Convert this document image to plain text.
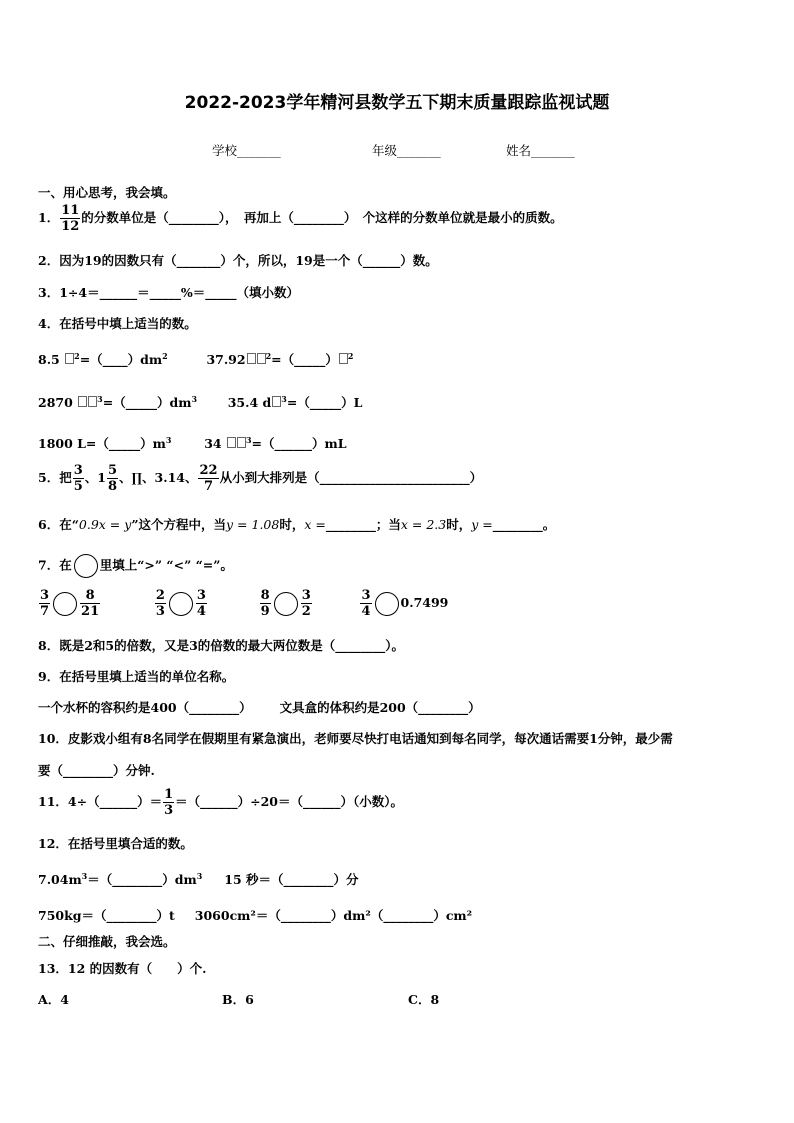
2022-2023学年精河县数学五下期末质量跟踪监视试题
学校_______	年级_______	姓名_______
一、用心思考，我会填。
1． $\frac{11}{12}$ 的分数单位是（________），　 再加上（________）　 个这样的分数单位就是最小的质数。
2．因为19的因数只有（_______）个，所以，19是一个（______）数。
3．1÷4＝______＝_____%＝_____（填小数）
4．在括号中填上适当的数。
8.5 $^2=(\_\_\_\_)dm^2$	37.92	$^2$=（_____） $^2$
2870	$^3=(\_\_\_\_\_)dm^3$ 35.4 d $^3$=（_____）L
1800 $L=(\_\_\_\_\_)m^3$	34	$^3$=（______）mL
5．把 $\frac{3}{5}$ 、$1 \frac{5}{8}$ 、∏、3.14、 $\frac{22}{7}$ 从小到大排列是（________________________）
6．在“0.9x = y”这个方程中，当y = 1.08时，x =________；当x = 2.3时，y =________。
7．在 里填上“>” “<” “=”。
$\frac{3}{7} \frac{8}{21}$
	$\frac{2}{3} \frac{3}{4}$
	$\frac{8}{9} \frac{3}{2}$
	$\frac{3}{4} 0.7499$
8．既是2和5的倍数，又是3的倍数的最大两位数是（________）。
9．在括号里填上适当的单位名称。
一个水杯的容积约是400（________） 文具盒的体积约是200（________）
10．皮影戏小组有8名同学在假期里有紧急演出，老师要尽快打电话通知到每名同学，每次通话需要1分钟，最少需
要（________）分钟.
11．4÷（______）＝ $\frac{1}{3}$ ＝（______）÷20＝（______）（小数）。
12．在括号里填合适的数。
$7.04m^3=(\_\_\_\_\_\_\_\_)dm^3$ 15 秒＝（________）分
750kg＝（________）t 3060cm²＝（________）dm²（________）cm²
二、仔细推敲，我会选。
13．12 的因数有（　　）个.
A．4	B．6	C．8
